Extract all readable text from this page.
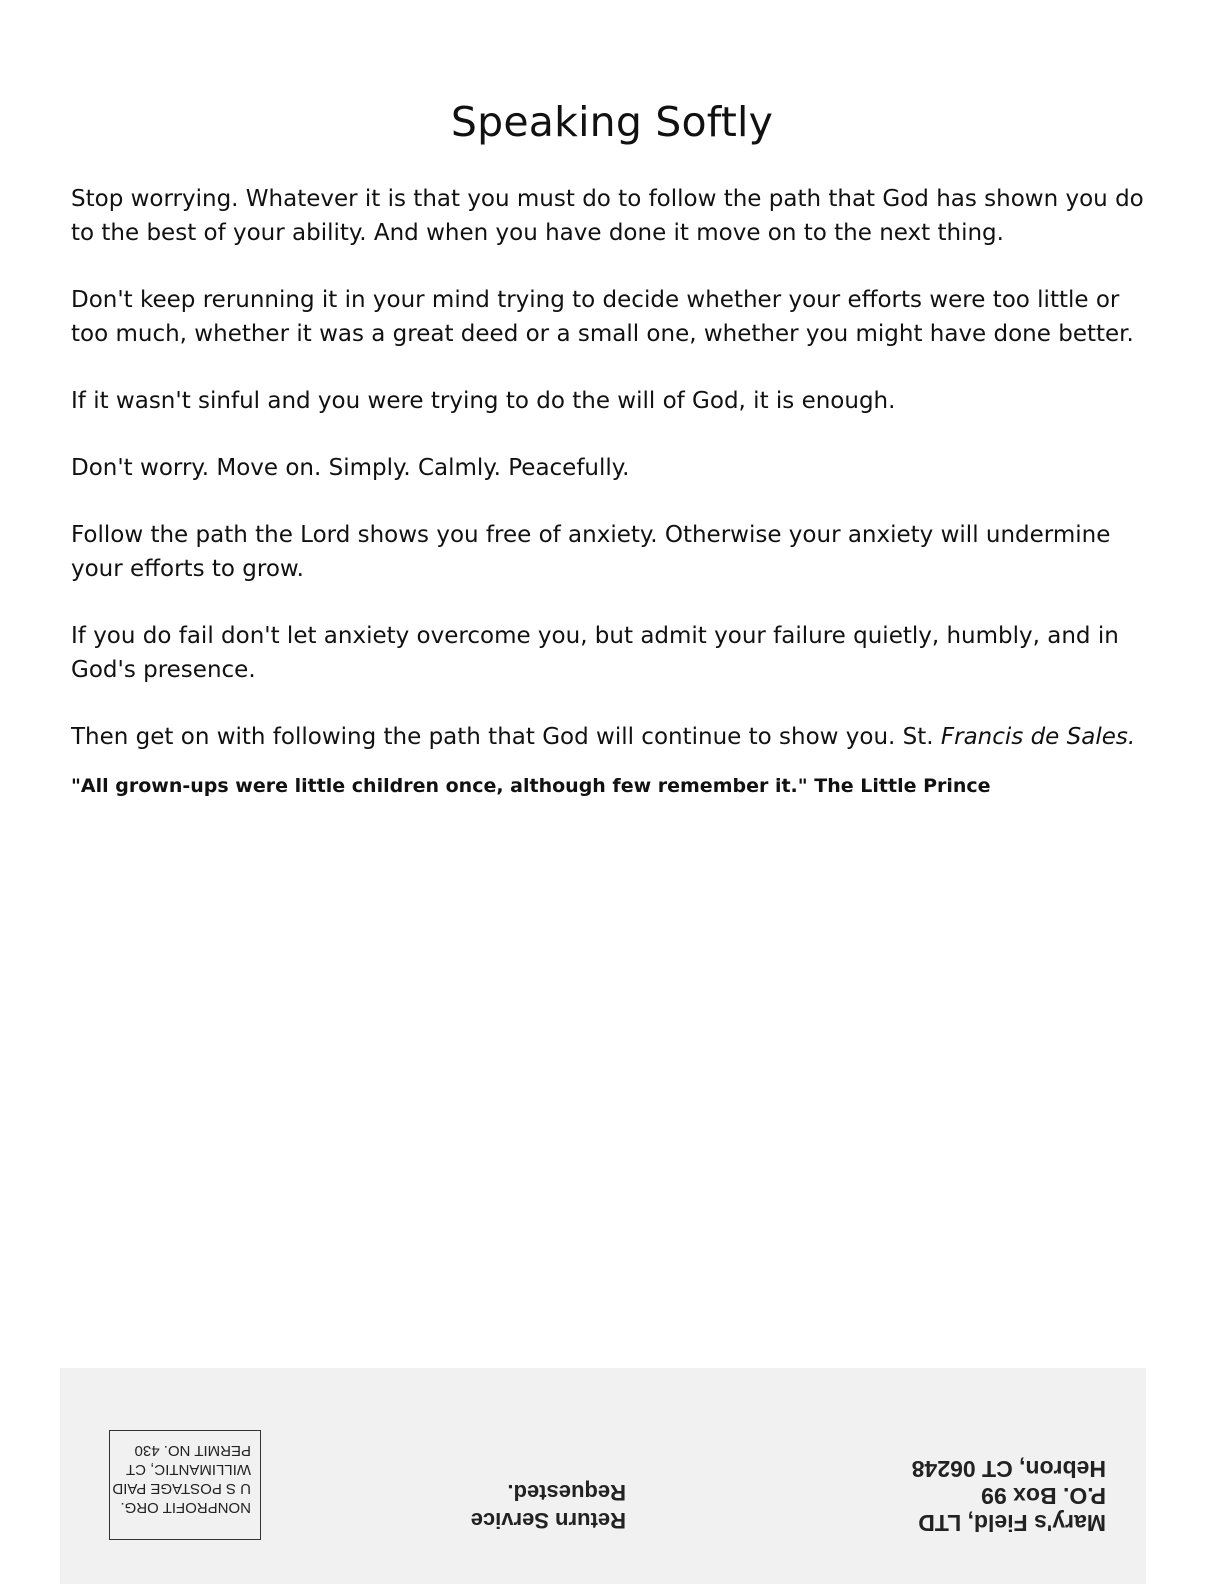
Speaking Softly

Stop worrying. Whatever it is that you must do to follow the path that God has shown you do to the best of your ability. And when you have done it move on to the next thing.

Don't keep rerunning it in your mind trying to decide whether your efforts were too little or too much, whether it was a great deed or a small one, whether you might have done better.

If it wasn't sinful and you were trying to do the will of God, it is enough.

Don't worry. Move on. Simply. Calmly. Peacefully.

Follow the path the Lord shows you free of anxiety. Otherwise your anxiety will undermine your efforts to grow.

If you do fail don't let anxiety overcome you, but admit your failure quietly, humbly, and in God's presence.

Then get on with following the path that God will continue to show you. St. Francis de Sales.

"All grown-ups were little children once, although few remember it." The Little Prince

Mary's Field, LTD
P.O. Box 99
Hebron, CT 06248
Return Service
Requested.
NONPROFIT ORG.
U S POSTAGE PAID
WILLIMANTIC, CT
PERMIT NO. 430
